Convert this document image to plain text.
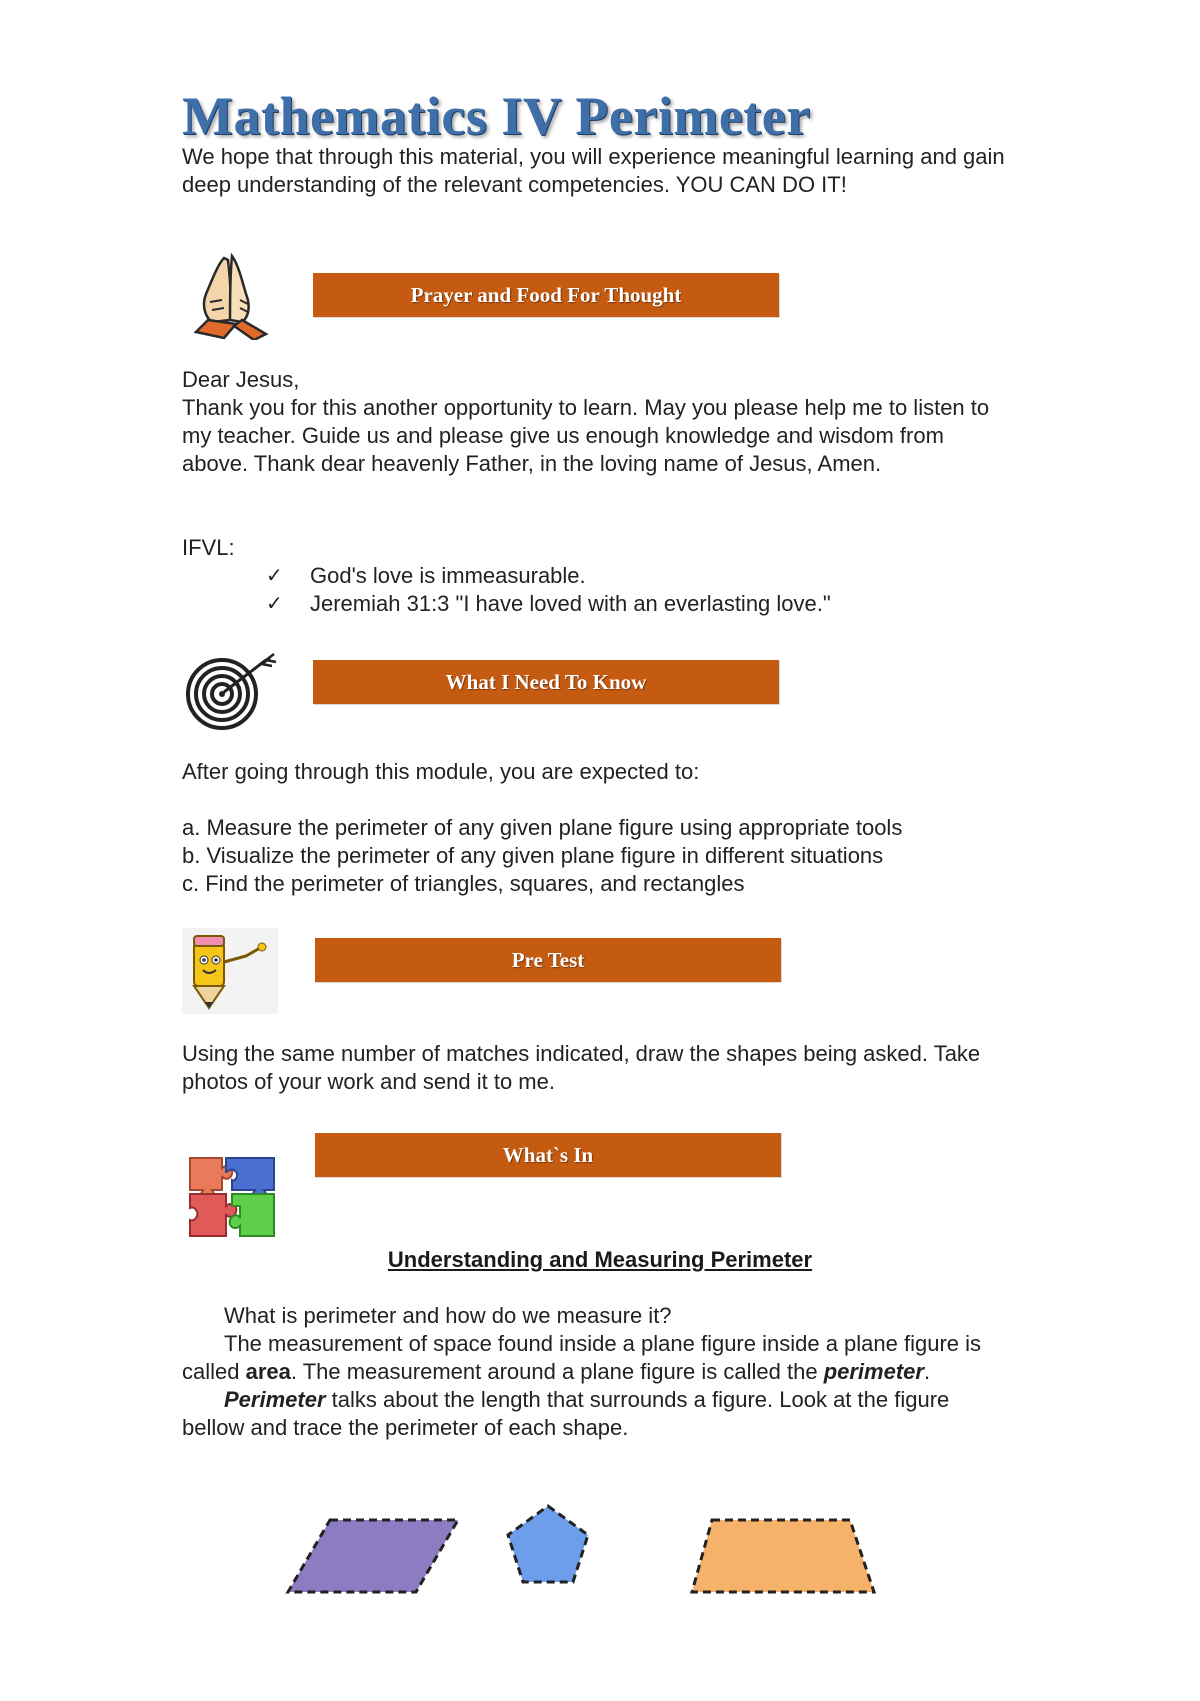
Mathematics IV Perimeter
We hope that through this material, you will experience meaningful learning and gain deep understanding of the relevant competencies. YOU CAN DO IT!
Prayer and Food For Thought

Dear Jesus,

Thank you for this another opportunity to learn. May you please help me to listen to my teacher. Guide us and please give us enough knowledge and wisdom from above. Thank dear heavenly Father, in the loving name of Jesus, Amen.

IFVL:
✓ God's love is immeasurable.
✓ Jeremiah 31:3 "I have loved with an everlasting love."
What I Need To Know

After going through this module, you are expected to:

a. Measure the perimeter of any given plane figure using appropriate tools

b. Visualize the perimeter of any given plane figure in different situations

c. Find the perimeter of triangles, squares, and rectangles

Pre Test
Using the same number of matches indicated, draw the shapes being asked. Take photos of your work and send it to me.
What`s In
Understanding and Measuring Perimeter

What is perimeter and how do we measure it?

The measurement of space found inside a plane figure inside a plane figure is called area. The measurement around a plane figure is called the perimeter.

Perimeter talks about the length that surrounds a figure. Look at the figure bellow and trace the perimeter of each shape.
